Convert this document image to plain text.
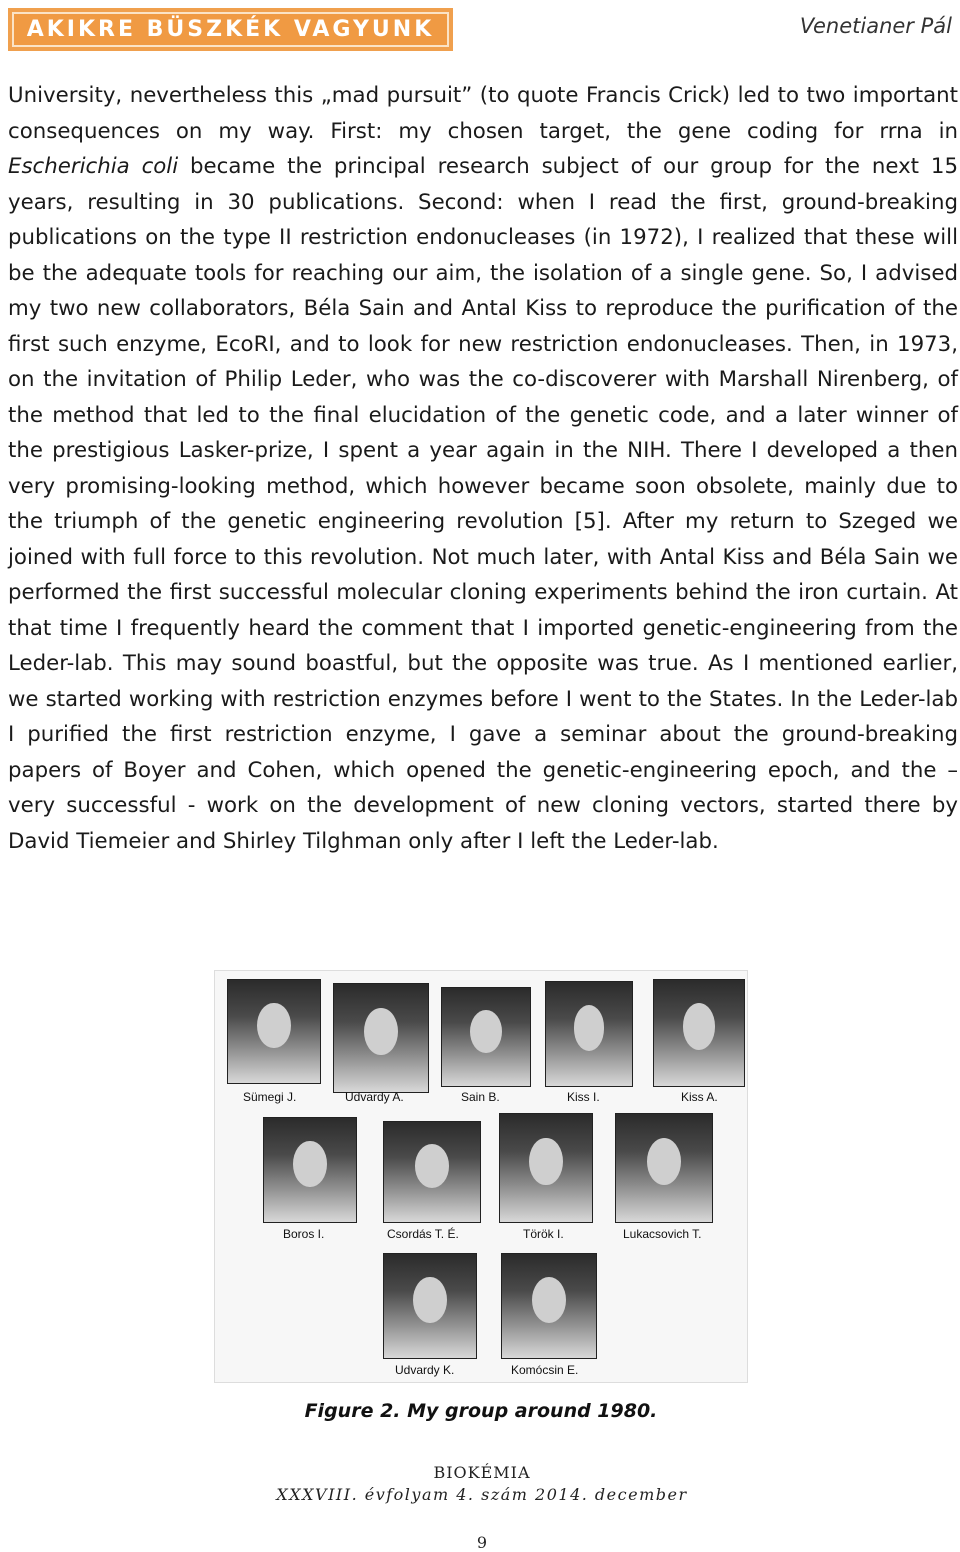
AKIKRE BÜSZKÉK VAGYUNK	Venetianer Pál

University, nevertheless this „mad pursuit” (to quote Francis Crick) led to two important consequences on my way. First: my chosen target, the gene coding for rrna in Escherichia coli became the principal research subject of our group for the next 15 years, resulting in 30 publications. Second: when I read the first, ground-breaking publications on the type II restriction endonucleases (in 1972), I realized that these will be the adequate tools for reaching our aim, the isolation of a single gene. So, I advised my two new collaborators, Béla Sain and Antal Kiss to reproduce the purification of the first such enzyme, EcoRI, and to look for new restriction endonucleases. Then, in 1973, on the invitation of Philip Leder, who was the co-discoverer with Marshall Nirenberg, of the method that led to the final elucidation of the genetic code, and a later winner of the prestigious Lasker-prize, I spent a year again in the NIH. There I developed a then very promising-looking method, which however became soon obsolete, mainly due to the triumph of the genetic engineering revolution [5]. After my return to Szeged we joined with full force to this revolution. Not much later, with Antal Kiss and Béla Sain we performed the first successful molecular cloning experiments behind the iron curtain. At that time I frequently heard the comment that I imported genetic-engineering from the Leder-lab. This may sound boastful, but the opposite was true. As I mentioned earlier, we started working with restriction enzymes before I went to the States. In the Leder-lab I purified the first restriction enzyme, I gave a seminar about the ground-breaking papers of Boyer and Cohen, which opened the genetic-engineering epoch, and the – very successful - work on the development of new cloning vectors, started there by David Tiemeier and Shirley Tilghman only after I left the Leder-lab.

Sümegi J.	Udvardy A.	Sain B.	Kiss I.	Kiss A.
Boros I.	Csordás T. É.	Török I.	Lukacsovich T.
Udvardy K.	Komócsin E.
Figure 2. My group around 1980.
BIOKÉMIA
XXXVIII. évfolyam 4. szám 2014. december
9
